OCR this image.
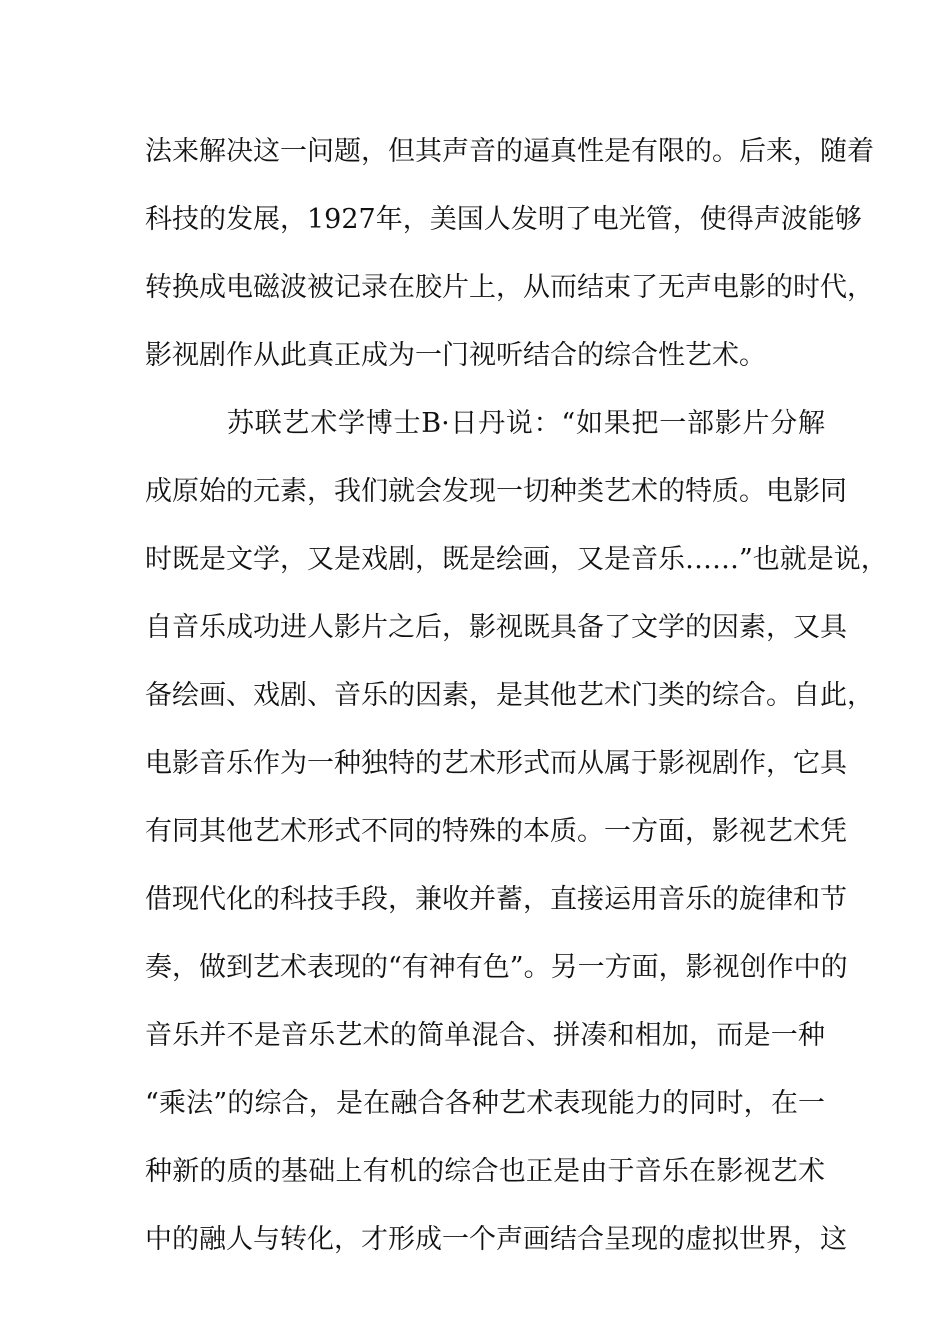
法来解决这一问题，但其声音的逼真性是有限的。后来，随着
科技的发展，1927年，美国人发明了电光管，使得声波能够
转换成电磁波被记录在胶片上，从而结束了无声电影的时代，
影视剧作从此真正成为一门视听结合的综合性艺术。
苏联艺术学博士B·日丹说：“如果把一部影片分解
成原始的元素，我们就会发现一切种类艺术的特质。电影同
时既是文学，又是戏剧，既是绘画，又是音乐……”也就是说，
自音乐成功进人影片之后，影视既具备了文学的因素，又具
备绘画、戏剧、音乐的因素，是其他艺术门类的综合。自此，
电影音乐作为一种独特的艺术形式而从属于影视剧作，它具
有同其他艺术形式不同的特殊的本质。一方面，影视艺术凭
借现代化的科技手段，兼收并蓄，直接运用音乐的旋律和节
奏，做到艺术表现的“有神有色”。另一方面，影视创作中的
音乐并不是音乐艺术的简单混合、拼凑和相加，而是一种
“乘法”的综合，是在融合各种艺术表现能力的同时，在一
种新的质的基础上有机的综合也正是由于音乐在影视艺术
中的融人与转化，才形成一个声画结合呈现的虚拟世界，这
